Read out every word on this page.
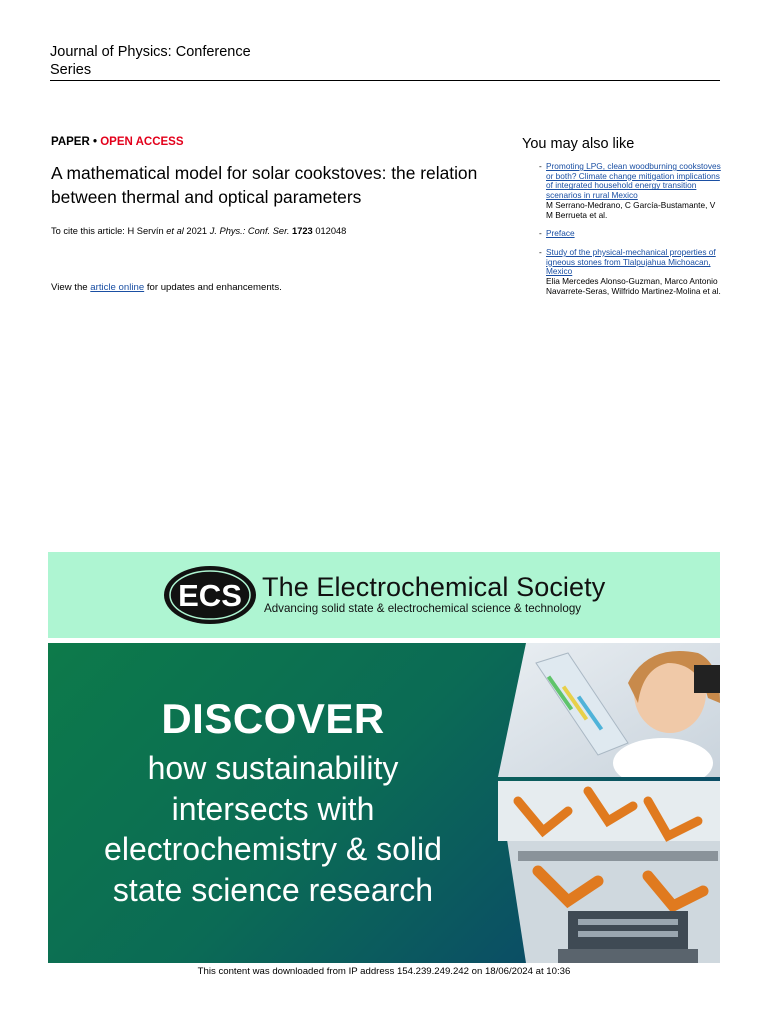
Journal of Physics: Conference Series
PAPER • OPEN ACCESS
A mathematical model for solar cookstoves: the relation between thermal and optical parameters
To cite this article: H Servín et al 2021 J. Phys.: Conf. Ser. 1723 012048
View the article online for updates and enhancements.
You may also like
- Promoting LPG, clean woodburning cookstoves or both? Climate change mitigation implications of integrated household energy transition scenarios in rural Mexico
M Serrano-Medrano, C García-Bustamante, V M Berrueta et al.
- Preface
- Study of the physical-mechanical properties of igneous stones from Tlalpujahua Michoacan, Mexico
Elia Mercedes Alonso-Guzman, Marco Antonio Navarrete-Seras, Wilfrido Martinez-Molina et al.
ECS The Electrochemical Society
Advancing solid state & electrochemical science & technology
DISCOVER
how sustainability
intersects with
electrochemistry & solid
state science research
This content was downloaded from IP address 154.239.249.242 on 18/06/2024 at 10:36
